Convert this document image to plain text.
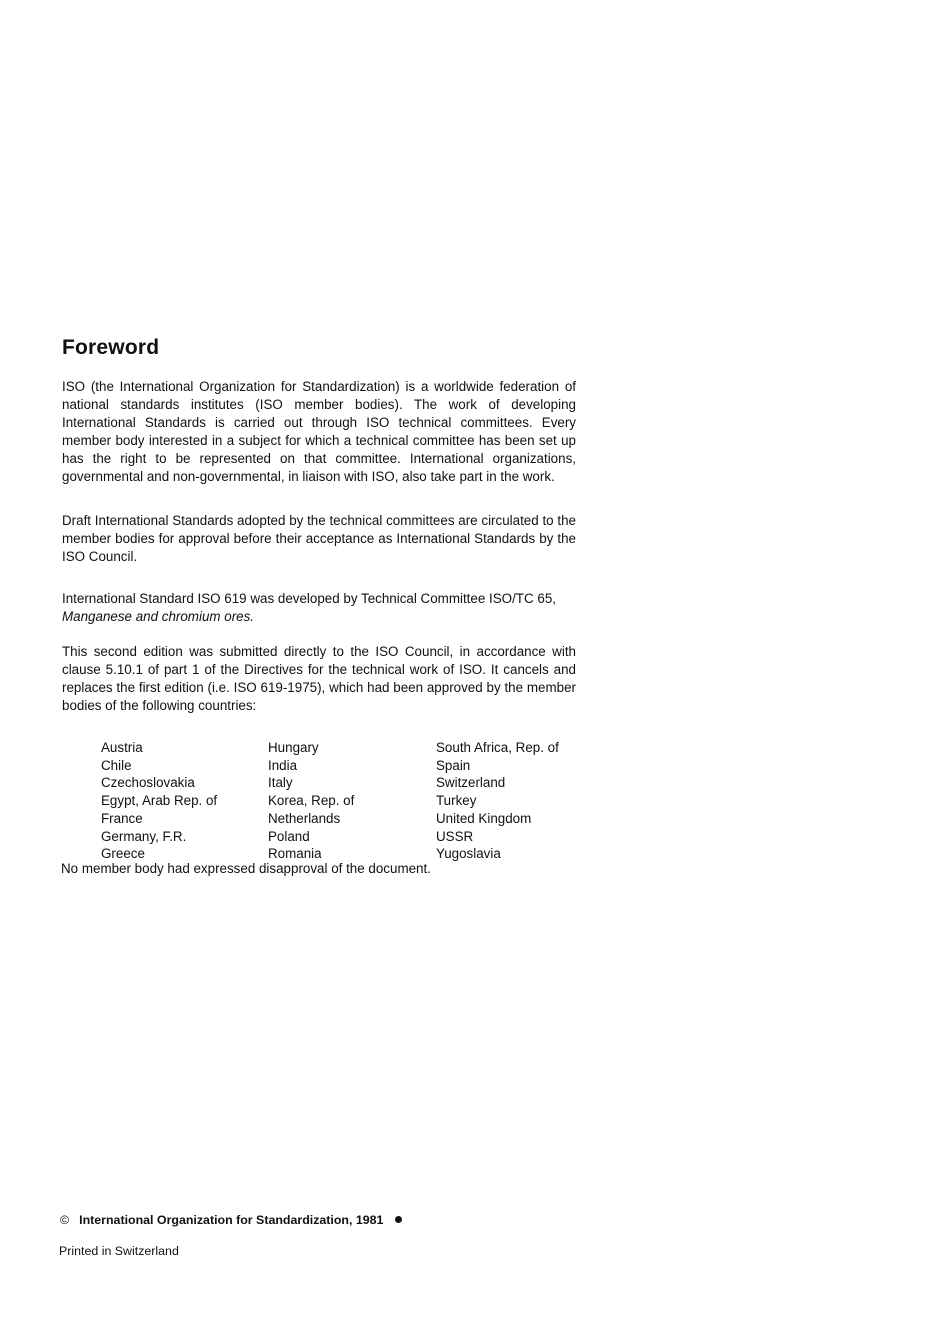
Foreword

ISO (the International Organization for Standardization) is a worldwide federation of national standards institutes (ISO member bodies). The work of developing International Standards is carried out through ISO technical committees. Every member body interested in a subject for which a technical committee has been set up has the right to be represented on that committee. International organizations, governmental and non-governmental, in liaison with ISO, also take part in the work.

Draft International Standards adopted by the technical committees are circulated to the member bodies for approval before their acceptance as International Standards by the ISO Council.

International Standard ISO 619 was developed by Technical Committee ISO/TC 65,
Manganese and chromium ores.

This second edition was submitted directly to the ISO Council, in accordance with clause 5.10.1 of part 1 of the Directives for the technical work of ISO. It cancels and replaces the first edition (i.e. ISO 619-1975), which had been approved by the member bodies of the following countries:

Austria
Chile
Czechoslovakia
Egypt, Arab Rep. of
France
Germany, F.R.
Greece
Hungary
India
Italy
Korea, Rep. of
Netherlands
Poland
Romania
South Africa, Rep. of
Spain
Switzerland
Turkey
United Kingdom
USSR
Yugoslavia

No member body had expressed disapproval of the document.

© International Organization for Standardization, 1981
Printed in Switzerland
